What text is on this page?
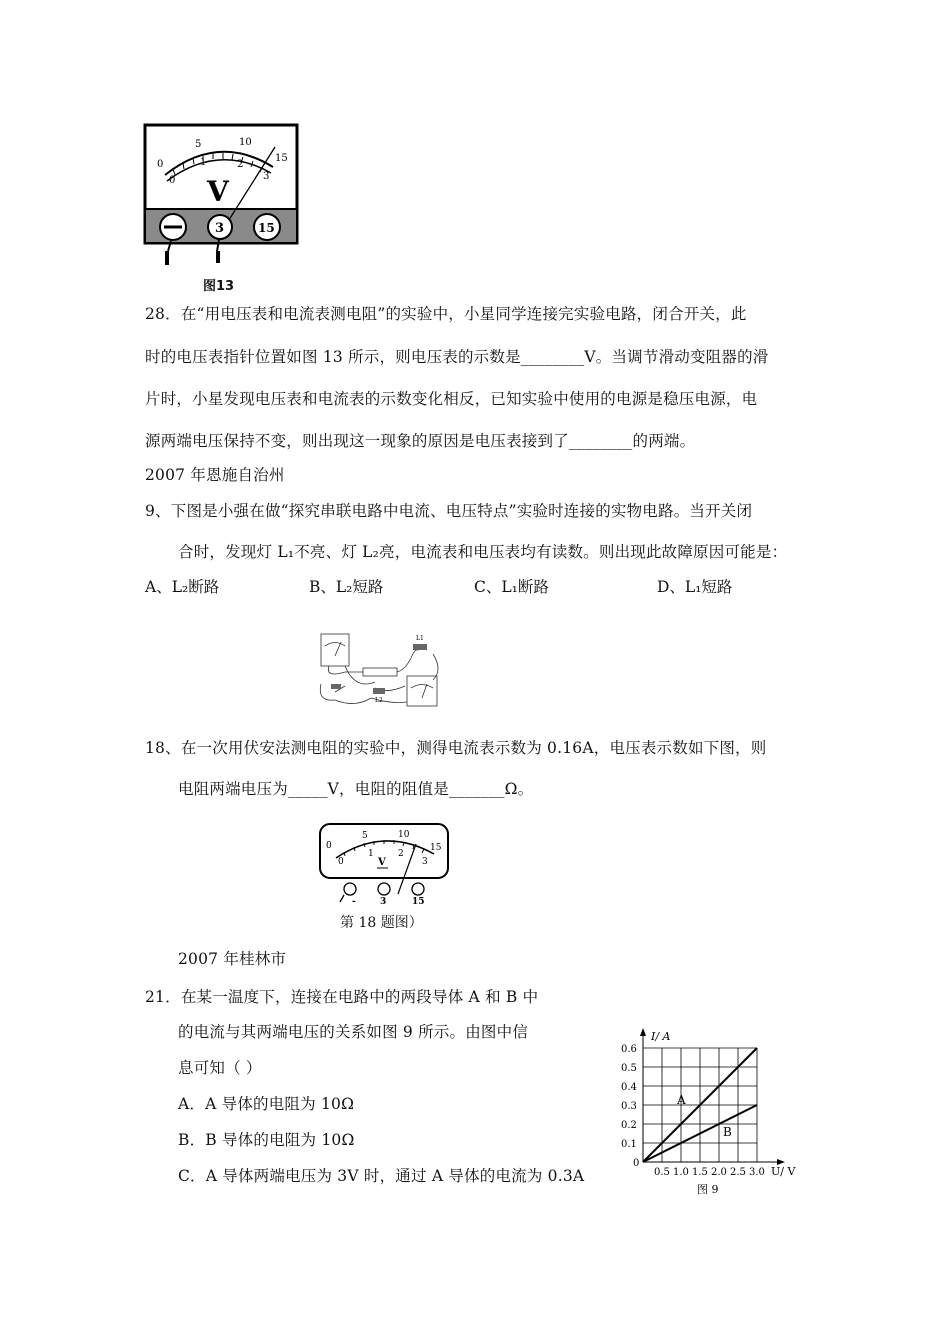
0
5	10
15
0
1	2
3
V
3	15
图13
28．在“用电压表和电流表测电阻”的实验中，小星同学连接完实验电路，闭合开关，此
时的电压表指针位置如图 13 所示，则电压表的示数是________V。当调节滑动变阻器的滑
片时，小星发现电压表和电流表的示数变化相反，已知实验中使用的电源是稳压电源，电
源两端电压保持不变，则出现这一现象的原因是电压表接到了________的两端。
2007 年恩施自治州
9、下图是小强在做“探究串联电路中电流、电压特点”实验时连接的实物电路。当开关闭
合时，发现灯 L₁不亮、灯 L₂亮，电流表和电压表均有读数。则出现此故障原因可能是：
A、L₂断路	B、L₂短路	C、L₁断路	D、L₁短路
L1
L2
18、在一次用伏安法测电阻的实验中，测得电流表示数为 0.16A，电压表示数如下图，则
电阻两端电压为_____V，电阻的阻值是_______Ω。
0
5	10
15
0
1	2
3
V
-	3	15
第 18 题图）
2007 年桂林市
21．在某一温度下，连接在电路中的两段导体 A 和 B 中
的电流与其两端电压的关系如图 9 所示。由图中信
息可知（ ）
A．A 导体的电阻为 10Ω
B．B 导体的电阻为 10Ω
C．A 导体两端电压为 3V 时，通过 A 导体的电流为 0.3A	0.5 1.0 1.5 2.0 2.5 3.0
0.1
0.2
0.3
0.4
0.5
0.6
0
I/ A
U/ V
A
B
图 9
